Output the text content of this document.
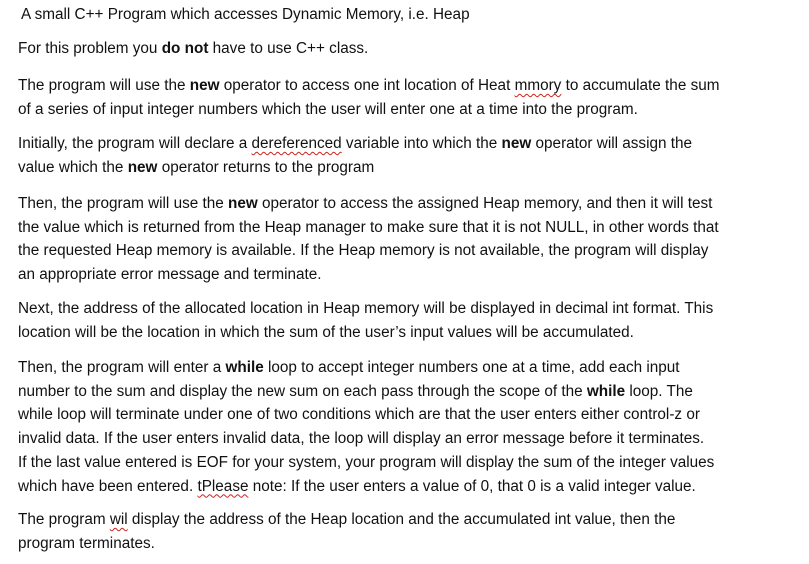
A small C++ Program which accesses Dynamic Memory, i.e. Heap
For this problem you do not have to use C++ class.
The program will use the new operator to access one int location of Heat mmory to accumulate the sum
of a series of input integer numbers which the user will enter one at a time into the program.
Initially, the program will declare a dereferenced variable into which the new operator will assign the
value which the new operator returns to the program
Then, the program will use the new operator to access the assigned Heap memory, and then it will test
the value which is returned from the Heap manager to make sure that it is not NULL, in other words that
the requested Heap memory is available. If the Heap memory is not available, the program will display
an appropriate error message and terminate.
Next, the address of the allocated location in Heap memory will be displayed in decimal int format. This
location will be the location in which the sum of the user’s input values will be accumulated.
Then, the program will enter a while loop to accept integer numbers one at a time, add each input
number to the sum and display the new sum on each pass through the scope of the while loop. The
while loop will terminate under one of two conditions which are that the user enters either control-z or
invalid data. If the user enters invalid data, the loop will display an error message before it terminates.
If the last value entered is EOF for your system, your program will display the sum of the integer values
which have been entered. tPlease note: If the user enters a value of 0, that 0 is a valid integer value.
The program wil display the address of the Heap location and the accumulated int value, then the
program terminates.
